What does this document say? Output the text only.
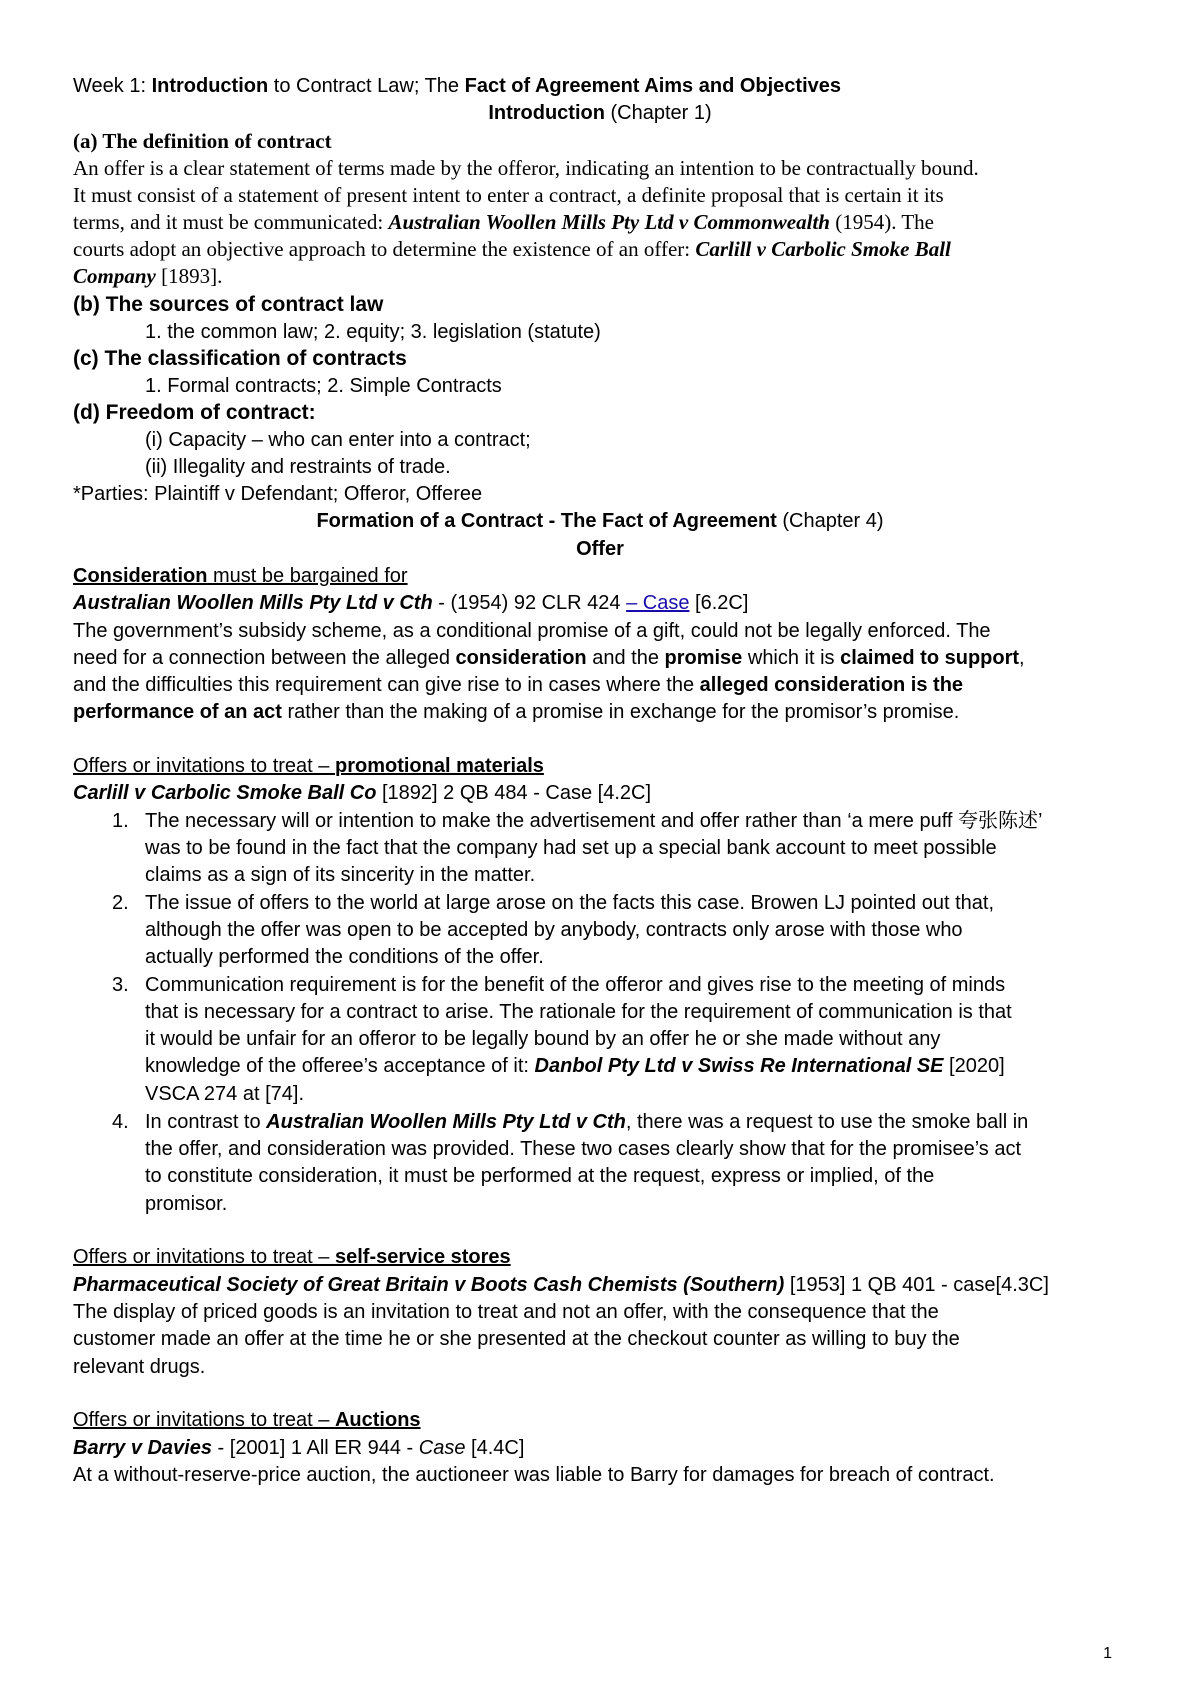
Week 1: Introduction to Contract Law; The Fact of Agreement Aims and Objectives
Introduction (Chapter 1)
(a) The definition of contract
An offer is a clear statement of terms made by the offeror, indicating an intention to be contractually bound.
It must consist of a statement of present intent to enter a contract, a definite proposal that is certain it its
terms, and it must be communicated: Australian Woollen Mills Pty Ltd v Commonwealth (1954). The
courts adopt an objective approach to determine the existence of an offer: Carlill v Carbolic Smoke Ball
Company [1893].
(b) The sources of contract law
1. the common law; 2. equity; 3. legislation (statute)
(c) The classification of contracts
1. Formal contracts; 2. Simple Contracts
(d) Freedom of contract:
(i) Capacity – who can enter into a contract;
(ii) Illegality and restraints of trade.
*Parties: Plaintiff v Defendant; Offeror, Offeree
Formation of a Contract - The Fact of Agreement (Chapter 4)
Offer
Consideration must be bargained for
Australian Woollen Mills Pty Ltd v Cth - (1954) 92 CLR 424 – Case [6.2C]
The government’s subsidy scheme, as a conditional promise of a gift, could not be legally enforced. The
need for a connection between the alleged consideration and the promise which it is claimed to support,
and the difficulties this requirement can give rise to in cases where the alleged consideration is the
performance of an act rather than the making of a promise in exchange for the promisor’s promise.
Offers or invitations to treat – promotional materials
Carlill v Carbolic Smoke Ball Co [1892] 2 QB 484 - Case [4.2C]
1. The necessary will or intention to make the advertisement and offer rather than ‘a mere puff 夸张陈述’
was to be found in the fact that the company had set up a special bank account to meet possible
claims as a sign of its sincerity in the matter.
2. The issue of offers to the world at large arose on the facts this case. Browen LJ pointed out that,
although the offer was open to be accepted by anybody, contracts only arose with those who
actually performed the conditions of the offer.
3. Communication requirement is for the benefit of the offeror and gives rise to the meeting of minds
that is necessary for a contract to arise. The rationale for the requirement of communication is that
it would be unfair for an offeror to be legally bound by an offer he or she made without any
knowledge of the offeree’s acceptance of it: Danbol Pty Ltd v Swiss Re International SE [2020]
VSCA 274 at [74].
4. In contrast to Australian Woollen Mills Pty Ltd v Cth, there was a request to use the smoke ball in
the offer, and consideration was provided. These two cases clearly show that for the promisee’s act
to constitute consideration, it must be performed at the request, express or implied, of the
promisor.
Offers or invitations to treat – self-service stores
Pharmaceutical Society of Great Britain v Boots Cash Chemists (Southern) [1953] 1 QB 401 - case[4.3C]
The display of priced goods is an invitation to treat and not an offer, with the consequence that the
customer made an offer at the time he or she presented at the checkout counter as willing to buy the
relevant drugs.
Offers or invitations to treat – Auctions
Barry v Davies - [2001] 1 All ER 944 - Case [4.4C]
At a without-reserve-price auction, the auctioneer was liable to Barry for damages for breach of contract.
1
